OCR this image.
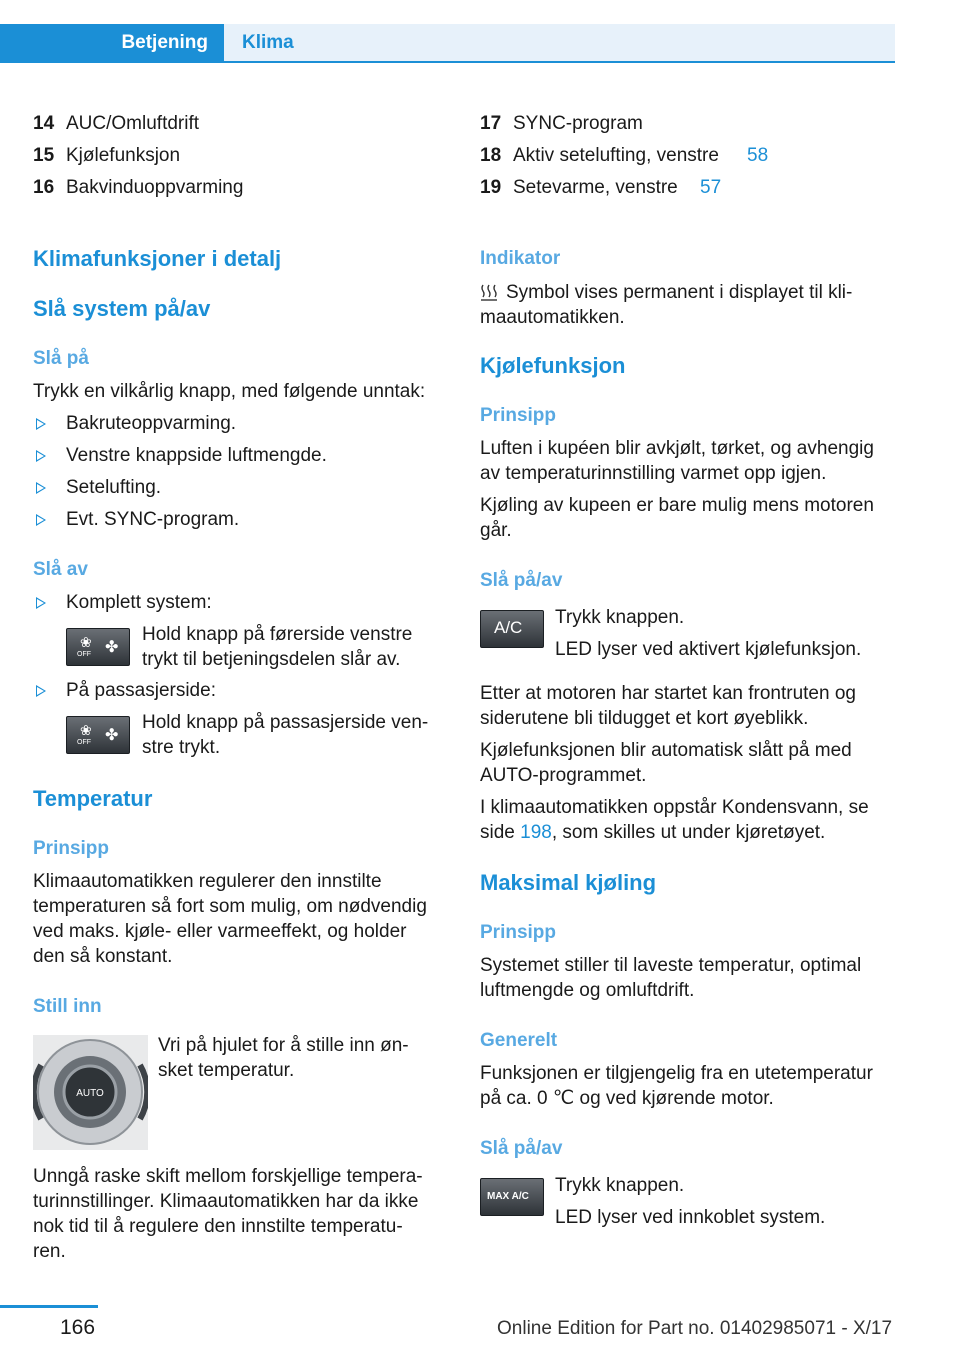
Betjening	Klima
14 AUC/Omluftdrift
15 Kjølefunksjon
16 Bakvinduoppvarming
Klimafunksjoner i detalj
Slå system på/av
Slå på
Trykk en vilkårlig knapp, med følgende unntak:
Bakruteoppvarming.
Venstre knappside luftmengde.
Setelufting.
Evt. SYNC-program.
Slå av
Komplett system:
❀ ✤
OFF
Hold knapp på førerside venstre
trykt til betjeningsdelen slår av.
På passasjerside:
❀ ✤
OFF
Hold knapp på passasjerside ven-
stre trykt.
Temperatur
Prinsipp
Klimaautomatikken regulerer den innstilte
temperaturen så fort som mulig, om nødvendig
ved maks. kjøle- eller varmeeffekt, og holder
den så konstant.
Still inn
AUTO
Vri på hjulet for å stille inn øn-
sket temperatur.
Unngå raske skift mellom forskjellige tempera-
turinnstillinger. Klimaautomatikken har da ikke
nok tid til å regulere den innstilte temperatu-
ren.
17 SYNC-program
18 Aktiv setelufting, venstre 58
19 Setevarme, venstre 57
Indikator
Symbol vises permanent i displayet til kli-
maautomatikken.
Kjølefunksjon
Prinsipp
Luften i kupéen blir avkjølt, tørket, og avhengig
av temperaturinnstilling varmet opp igjen.
Kjøling av kupeen er bare mulig mens motoren
går.
Slå på/av
A/C Trykk knappen.
LED lyser ved aktivert kjølefunksjon.
Etter at motoren har startet kan frontruten og
siderutene bli tildugget et kort øyeblikk.
Kjølefunksjonen blir automatisk slått på med
AUTO-programmet.
I klimaautomatikken oppstår Kondensvann, se
side 198, som skilles ut under kjøretøyet.
Maksimal kjøling
Prinsipp
Systemet stiller til laveste temperatur, optimal
luftmengde og omluftdrift.
Generelt
Funksjonen er tilgjengelig fra en utetemperatur
på ca. 0 ℃ og ved kjørende motor.
Slå på/av
MAX A/C
Trykk knappen.
LED lyser ved innkoblet system.
166	Online Edition for Part no. 01402985071 - X/17
